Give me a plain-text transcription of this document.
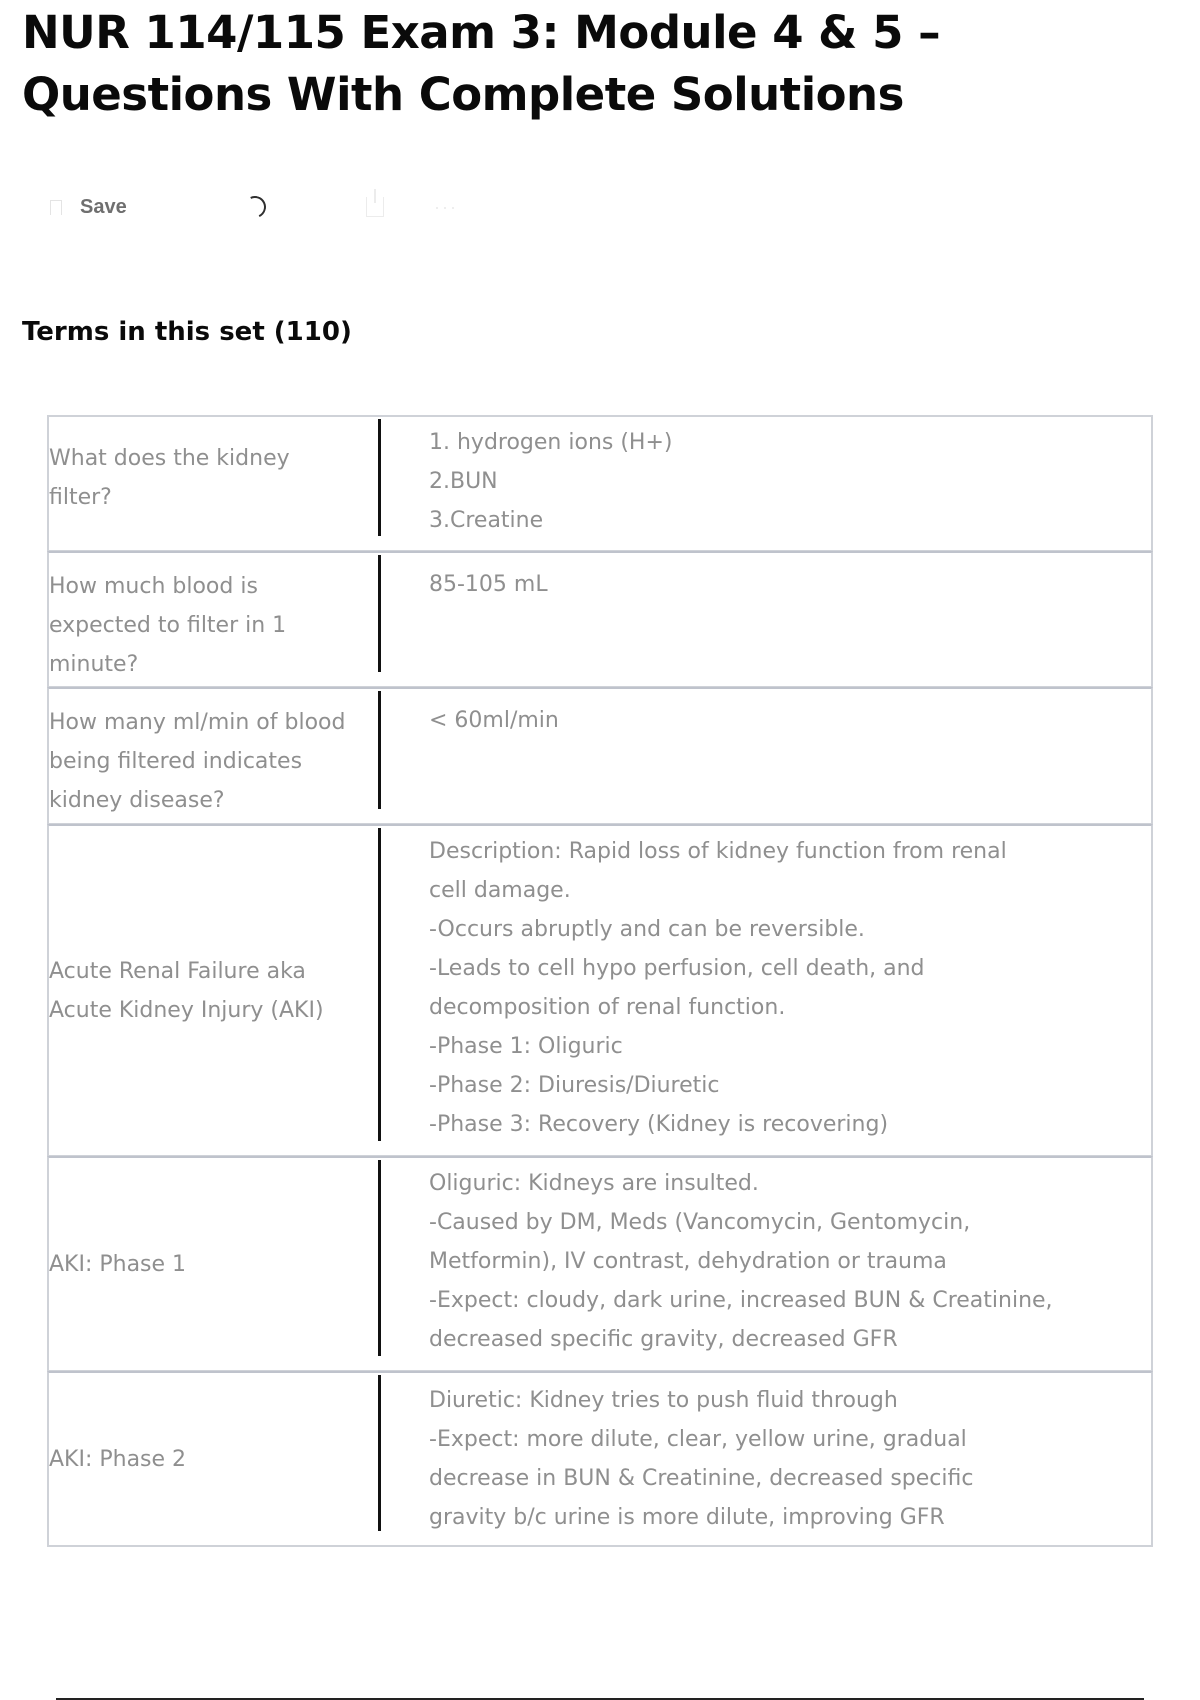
NUR 114/115 Exam 3: Module 4 & 5 – Questions With Complete Solutions
Save	···
Terms in this set (110)
What does the kidney filter?
1. hydrogen ions (H+)
2.BUN
3.Creatine
How much blood is expected to filter in 1 minute?
85-105 mL
How many ml/min of blood being filtered indicates kidney disease?
< 60ml/min
Acute Renal Failure aka Acute Kidney Injury (AKI)
Description: Rapid loss of kidney function from renal
cell damage.
-Occurs abruptly and can be reversible.
-Leads to cell hypo perfusion, cell death, and
decomposition of renal function.
-Phase 1: Oliguric
-Phase 2: Diuresis/Diuretic
-Phase 3: Recovery (Kidney is recovering)
AKI: Phase 1
Oliguric: Kidneys are insulted.
-Caused by DM, Meds (Vancomycin, Gentomycin,
Metformin), IV contrast, dehydration or trauma
-Expect: cloudy, dark urine, increased BUN & Creatinine,
decreased specific gravity, decreased GFR
AKI: Phase 2
Diuretic: Kidney tries to push fluid through
-Expect: more dilute, clear, yellow urine, gradual
decrease in BUN & Creatinine, decreased specific
gravity b/c urine is more dilute, improving GFR
